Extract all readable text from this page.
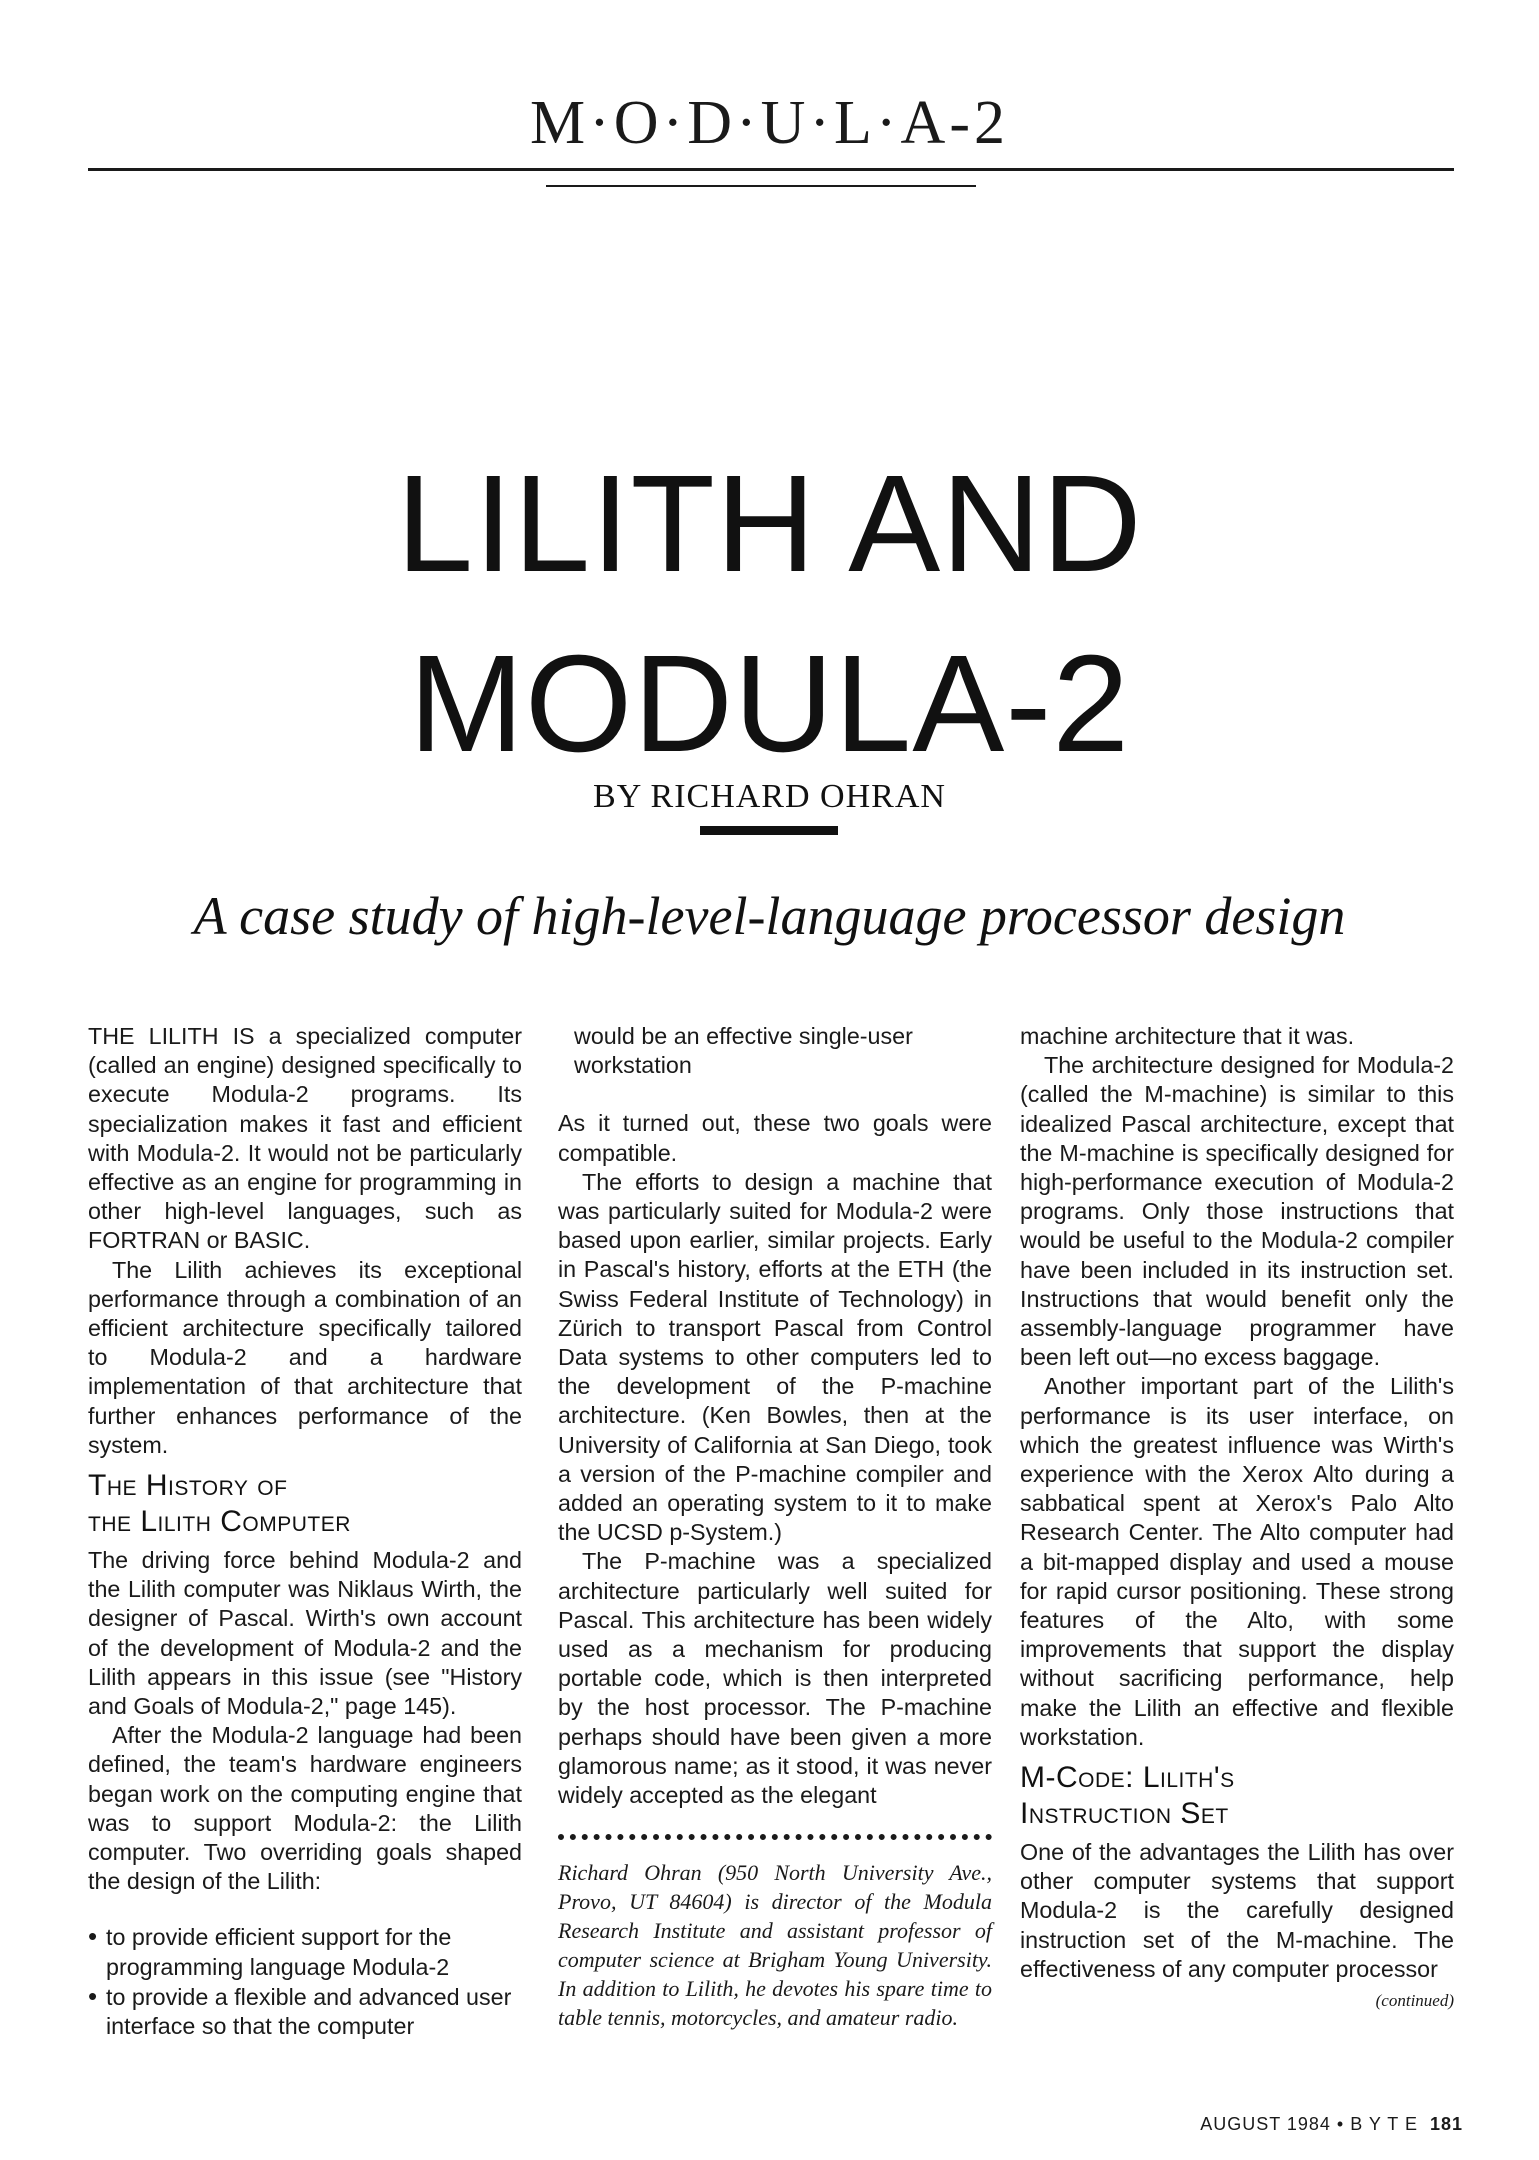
M·O·D·U·L·A-2
LILITH AND
MODULA-2
BY RICHARD OHRAN
A case study of high-level-language processor design

THE LILITH IS a specialized computer (called an engine) designed specifically to execute Modula-2 programs. Its specialization makes it fast and efficient with Modula-2. It would not be particularly effective as an engine for programming in other high-level languages, such as FORTRAN or BASIC.

The Lilith achieves its exceptional performance through a combination of an efficient architecture specifically tailored to Modula-2 and a hardware implementation of that architecture that further enhances performance of the system.

The History of
the Lilith Computer

The driving force behind Modula-2 and the Lilith computer was Niklaus Wirth, the designer of Pascal. Wirth's own account of the development of Modula-2 and the Lilith appears in this issue (see "History and Goals of Modula-2," page 145).

After the Modula-2 language had been defined, the team's hardware engineers began work on the computing engine that was to support Modula-2: the Lilith computer. Two overriding goals shaped the design of the Lilith:

• to provide efficient support for the programming language Modula-2
• to provide a flexible and advanced user interface so that the computer

would be an effective single-user workstation

As it turned out, these two goals were compatible.

The efforts to design a machine that was particularly suited for Modula-2 were based upon earlier, similar projects. Early in Pascal's history, efforts at the ETH (the Swiss Federal Institute of Technology) in Zürich to transport Pascal from Control Data systems to other computers led to the development of the P-machine architecture. (Ken Bowles, then at the University of California at San Diego, took a version of the P-machine compiler and added an operating system to it to make the UCSD p-System.)

The P-machine was a specialized architecture particularly well suited for Pascal. This architecture has been widely used as a mechanism for producing portable code, which is then interpreted by the host processor. The P-machine perhaps should have been given a more glamorous name; as it stood, it was never widely accepted as the elegant

Richard Ohran (950 North University Ave., Provo, UT 84604) is director of the Modula Research Institute and assistant professor of computer science at Brigham Young University. In addition to Lilith, he devotes his spare time to table tennis, motorcycles, and amateur radio.

machine architecture that it was.

The architecture designed for Modula-2 (called the M-machine) is similar to this idealized Pascal architecture, except that the M-machine is specifically designed for high-performance execution of Modula-2 programs. Only those instructions that would be useful to the Modula-2 compiler have been included in its instruction set. Instructions that would benefit only the assembly-language programmer have been left out—no excess baggage.

Another important part of the Lilith's performance is its user interface, on which the greatest influence was Wirth's experience with the Xerox Alto during a sabbatical spent at Xerox's Palo Alto Research Center. The Alto computer had a bit-mapped display and used a mouse for rapid cursor positioning. These strong features of the Alto, with some improvements that support the display without sacrificing performance, help make the Lilith an effective and flexible workstation.

M-Code: Lilith's
Instruction Set

One of the advantages the Lilith has over other computer systems that support Modula-2 is the carefully designed instruction set of the M-machine. The effectiveness of any computer processor

(continued)
AUGUST 1984 • B Y T E 181
